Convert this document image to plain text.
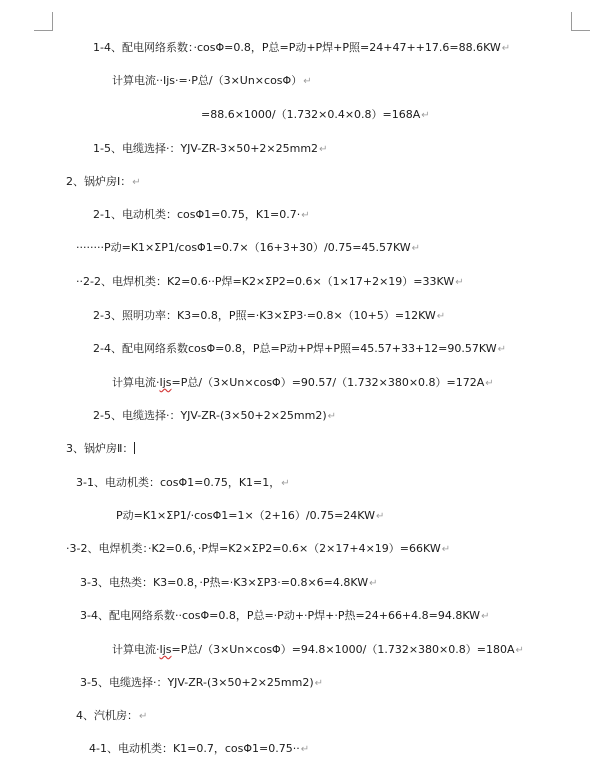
1-4、配电网络系数：·cosΦ=0.8，P总=P动+P焊+P照=24+47++17.6=88.6KW↵
计算电流··Ijs·=·P总/（3×Un×cosΦ）↵
=88.6×1000/（1.732×0.4×0.8）=168A↵
1-5、电缆选择·：YJV-ZR-3×50+2×25mm2↵
2、锅炉房Ⅰ：↵
2-1、电动机类：cosΦ1=0.75，K1=0.7·↵
········P动=K1×ΣP1/cosΦ1=0.7×（16+3+30）/0.75=45.57KW↵
··2-2、电焊机类：K2=0.6··P焊=K2×ΣP2=0.6×（1×17+2×19）=33KW↵
2-3、照明功率：K3=0.8，P照=·K3×ΣP3·=0.8×（10+5）=12KW↵
2-4、配电网络系数cosΦ=0.8，P总=P动+P焊+P照=45.57+33+12=90.57KW↵
计算电流·Ijs=P总/（3×Un×cosΦ）=90.57/（1.732×380×0.8）=172A↵
2-5、电缆选择·：YJV-ZR-(3×50+2×25mm2)↵
3、锅炉房Ⅱ：
3-1、电动机类：cosΦ1=0.75，K1=1，↵
P动=K1×ΣP1/·cosΦ1=1×（2+16）/0.75=24KW↵
·3-2、电焊机类：·K2=0.6，·P焊=K2×ΣP2=0.6×（2×17+4×19）=66KW↵
3-3、电热类：K3=0.8，·P热=·K3×ΣP3·=0.8×6=4.8KW↵
3-4、配电网络系数··cosΦ=0.8，P总=·P动+·P焊+·P热=24+66+4.8=94.8KW↵
计算电流·Ijs=P总/（3×Un×cosΦ）=94.8×1000/（1.732×380×0.8）=180A↵
3-5、电缆选择·：YJV-ZR-(3×50+2×25mm2)↵
4、汽机房：↵
4-1、电动机类：K1=0.7，cosΦ1=0.75··↵
